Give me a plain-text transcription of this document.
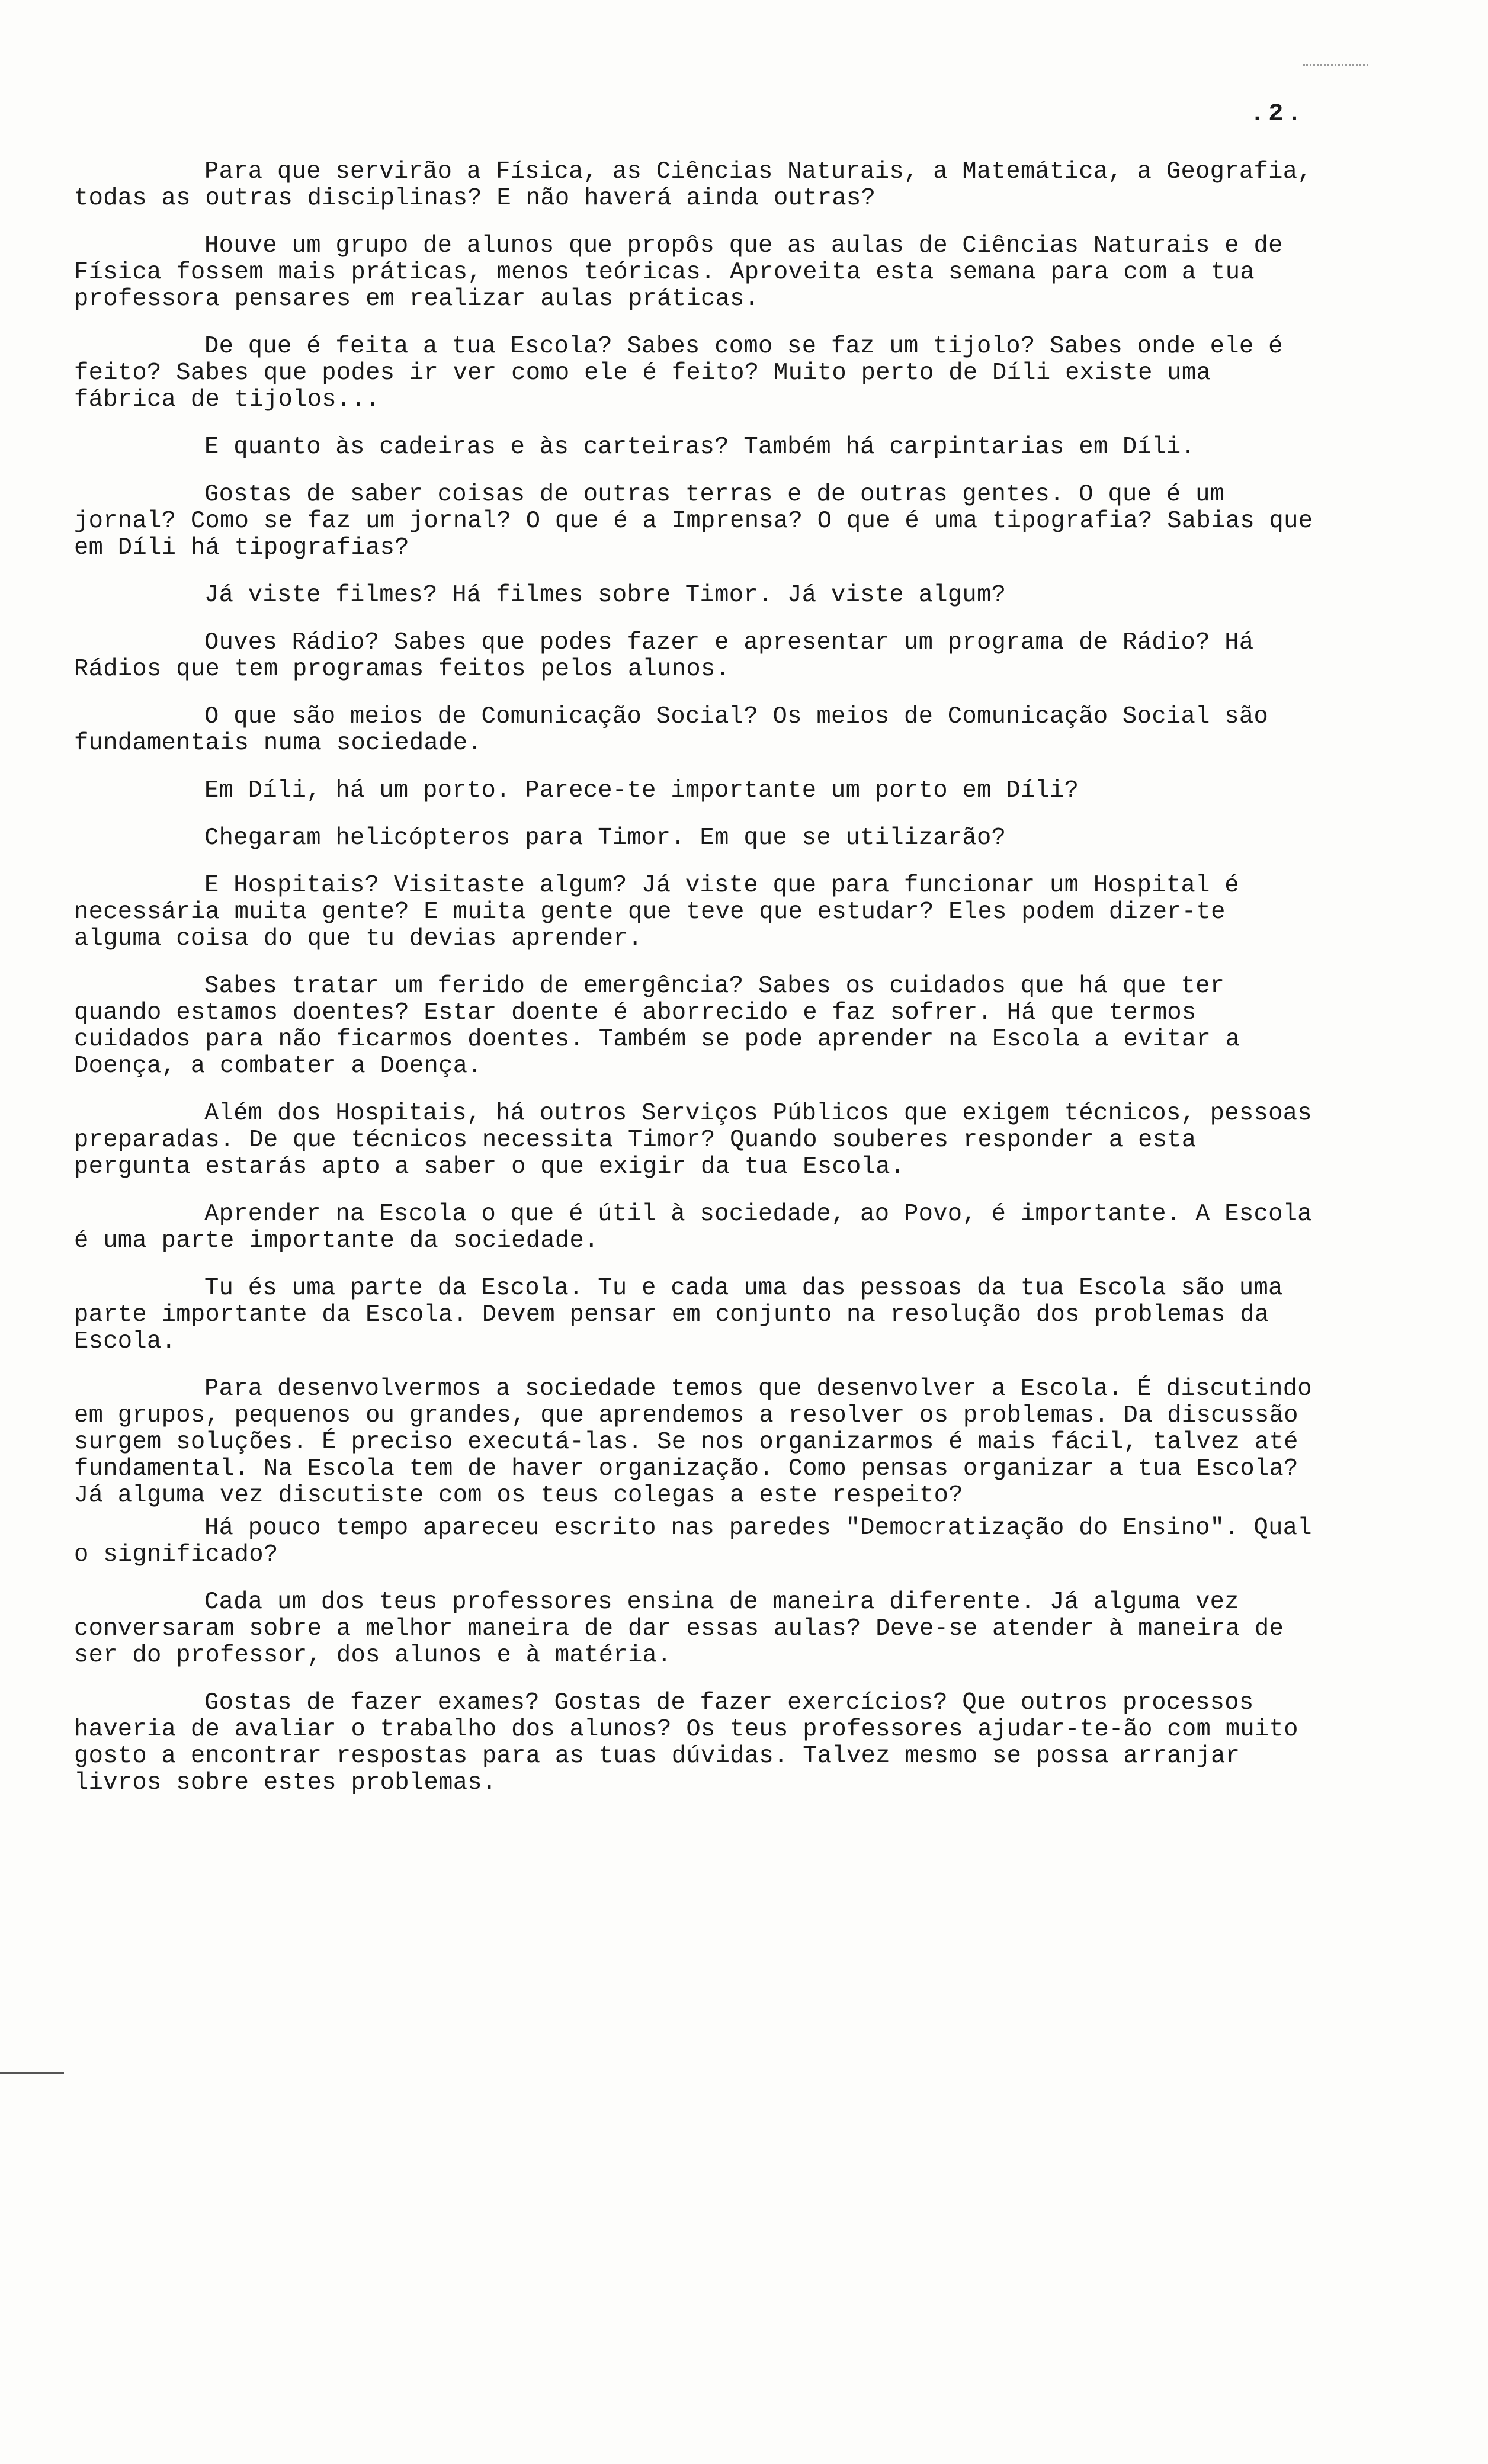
.2.

Para que servirão a Física, as Ciências Naturais, a Matemática, a Geografia, todas as outras disciplinas? E não haverá ainda outras?

Houve um grupo de alunos que propôs que as aulas de Ciências Naturais e de Física fossem mais práticas, menos teóricas. Aproveita esta semana para com a tua professora pensares em realizar aulas práticas.

De que é feita a tua Escola? Sabes como se faz um tijolo? Sabes onde ele é feito? Sabes que podes ir ver como ele é feito? Muito perto de Díli existe uma fábrica de tijolos...

E quanto às cadeiras e às carteiras? Também há carpintarias em Díli.

Gostas de saber coisas de outras terras e de outras gentes. O que é um jornal? Como se faz um jornal? O que é a Imprensa? O que é uma tipografia? Sabias que em Díli há tipografias?

Já viste filmes? Há filmes sobre Timor. Já viste algum?

Ouves Rádio? Sabes que podes fazer e apresentar um programa de Rádio? Há Rádios que tem programas feitos pelos alunos.

O que são meios de Comunicação Social? Os meios de Comunicação Social são fundamentais numa sociedade.

Em Díli, há um porto. Parece-te importante um porto em Díli?

Chegaram helicópteros para Timor. Em que se utilizarão?

E Hospitais? Visitaste algum? Já viste que para funcionar um Hospital é necessária muita gente? E muita gente que teve que estudar? Eles podem dizer-te alguma coisa do que tu devias aprender.

Sabes tratar um ferido de emergência? Sabes os cuidados que há que ter quando estamos doentes? Estar doente é aborrecido e faz sofrer. Há que termos cuidados para não ficarmos doentes. Também se pode aprender na Escola a evitar a Doença, a combater a Doença.

Além dos Hospitais, há outros Serviços Públicos que exigem técnicos, pessoas preparadas. De que técnicos necessita Timor? Quando souberes responder a esta pergunta estarás apto a saber o que exigir da tua Escola.

Aprender na Escola o que é útil à sociedade, ao Povo, é importante. A Escola é uma parte importante da sociedade.

Tu és uma parte da Escola. Tu e cada uma das pessoas da tua Escola são uma parte importante da Escola. Devem pensar em conjunto na resolução dos problemas da Escola.

Para desenvolvermos a sociedade temos que desenvolver a Escola. É discutindo em grupos, pequenos ou grandes, que aprendemos a resolver os problemas. Da discussão surgem soluções. É preciso executá-las. Se nos organizarmos é mais fácil, talvez até fundamental. Na Escola tem de haver organização. Como pensas organizar a tua Escola? Já alguma vez discutiste com os teus colegas a este respeito?

Há pouco tempo apareceu escrito nas paredes "Democratização do Ensino". Qual o significado?

Cada um dos teus professores ensina de maneira diferente. Já alguma vez conversaram sobre a melhor maneira de dar essas aulas? Deve-se atender à maneira de ser do professor, dos alunos e à matéria.

Gostas de fazer exames? Gostas de fazer exercícios? Que outros processos haveria de avaliar o trabalho dos alunos? Os teus professores ajudar-te-ão com muito gosto a encontrar respostas para as tuas dúvidas. Talvez mesmo se possa arranjar livros sobre estes problemas.
